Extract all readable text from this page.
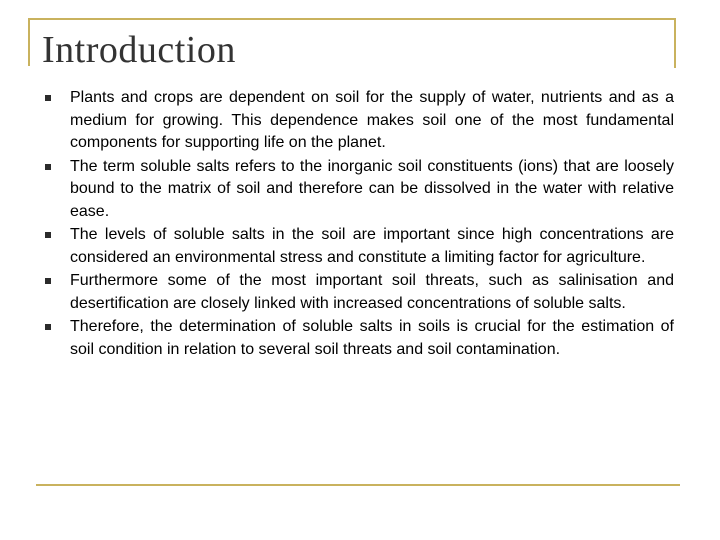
Introduction
Plants and crops are dependent on soil for the supply of water, nutrients and as a medium for growing. This dependence makes soil one of the most fundamental components for supporting life on the planet.
The term soluble salts refers to the inorganic soil constituents (ions) that are loosely bound to the matrix of soil and therefore can be dissolved in the water with relative ease.
The levels of soluble salts in the soil are important since high concentrations are considered an environmental stress and constitute a limiting factor for agriculture.
Furthermore some of the most important soil threats, such as salinisation and desertification are closely linked with increased concentrations of soluble salts.
Therefore, the determination of soluble salts in soils is crucial for the estimation of soil condition in relation to several soil threats and soil contamination.
